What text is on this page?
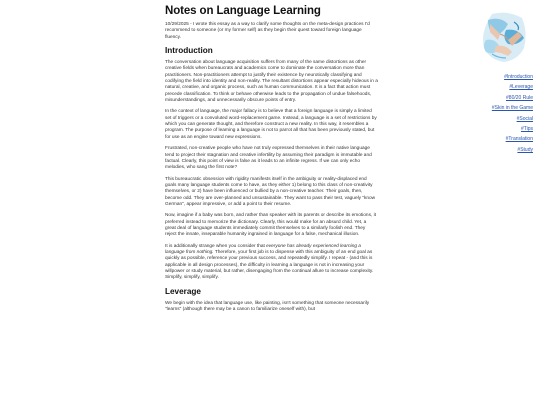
Notes on Language Learning

10/29/2025 - I wrote this essay as a way to clarify some thoughts on the meta-design practices I'd recommend to someone (or my former self) as they begin their quest toward foreign language fluency.

Introduction

The conversation about language acquisition suffers from many of the same distortions as other creative fields when bureaucrats and academics come to dominate the conversation more than practitioners. Non-practitioners attempt to justify their existence by neurotically classifying and codifying the field into identity and non-reality. The resultant distortions appear especially hideous in a natural, creative, and organic process, such as human communication. It is a fact that action must precede classification. To think or behave otherwise leads to the propagation of undue falsehoods, misunderstandings, and unnecessarily obscure points of entry.

In the context of language, the major fallacy is to believe that a foreign language is simply a limited set of triggers or a convoluted word-replacement game. Instead, a language is a set of restrictions by which you can generate thought, and therefore construct a new reality. In this way, it resembles a program. The purpose of learning a language is not to parrot all that has been previously stated, but for use as an engine toward new expressions.

Frustrated, non-creative people who have not truly expressed themselves in their native language tend to project their stagnation and creative infertility by assuming their paradigm is immutable and factual. Clearly, this point of view is false as it leads to an infinite regress. If we can only echo melodies, who sang the first note?

This bureaucratic obsession with rigidity manifests itself in the ambiguity or reality-displaced end goals many language students come to have, as they either 1) belong to this class of non-creativity themselves, or 2) have been influenced or bullied by a non-creative teacher. Their goals, then, become odd. They are over-planned and unsustainable. They want to pass their test, vaguely "know German", appear impressive, or add a point to their resume.

Now, imagine if a baby was born, and rather than speaker with its parents or describe its emotions, it preferred instead to memorize the dictionary. Clearly, this would make for an absurd child. Yet, a great deal of language students immediately commit themselves to a similarly foolish end. They reject the innate, inseparable humanity ingrained in language for a false, mechanical illusion.

It is additionally strange when you consider that everyone has already experienced learning a language from nothing. Therefore, your first job is to dispense with this ambiguity of an end goal as quickly as possible, reference your previous success, and repeatedly simplify. I repeat - (and this is applicable in all design processes), the difficulty in learning a language is not in increasing your willpower or study material, but rather, disengaging from the continual allure to increase complexity. Simplify, simplify, simplify.

Leverage

We begin with the idea that language use, like painting, isn't something that someone necessarily "learns" (although there may be a canon to familiarize oneself with), but

#Introduction
#Leverage
#80/20 Rule
#Skin in the Game
#Social
#Tips
#Translation
#Study
